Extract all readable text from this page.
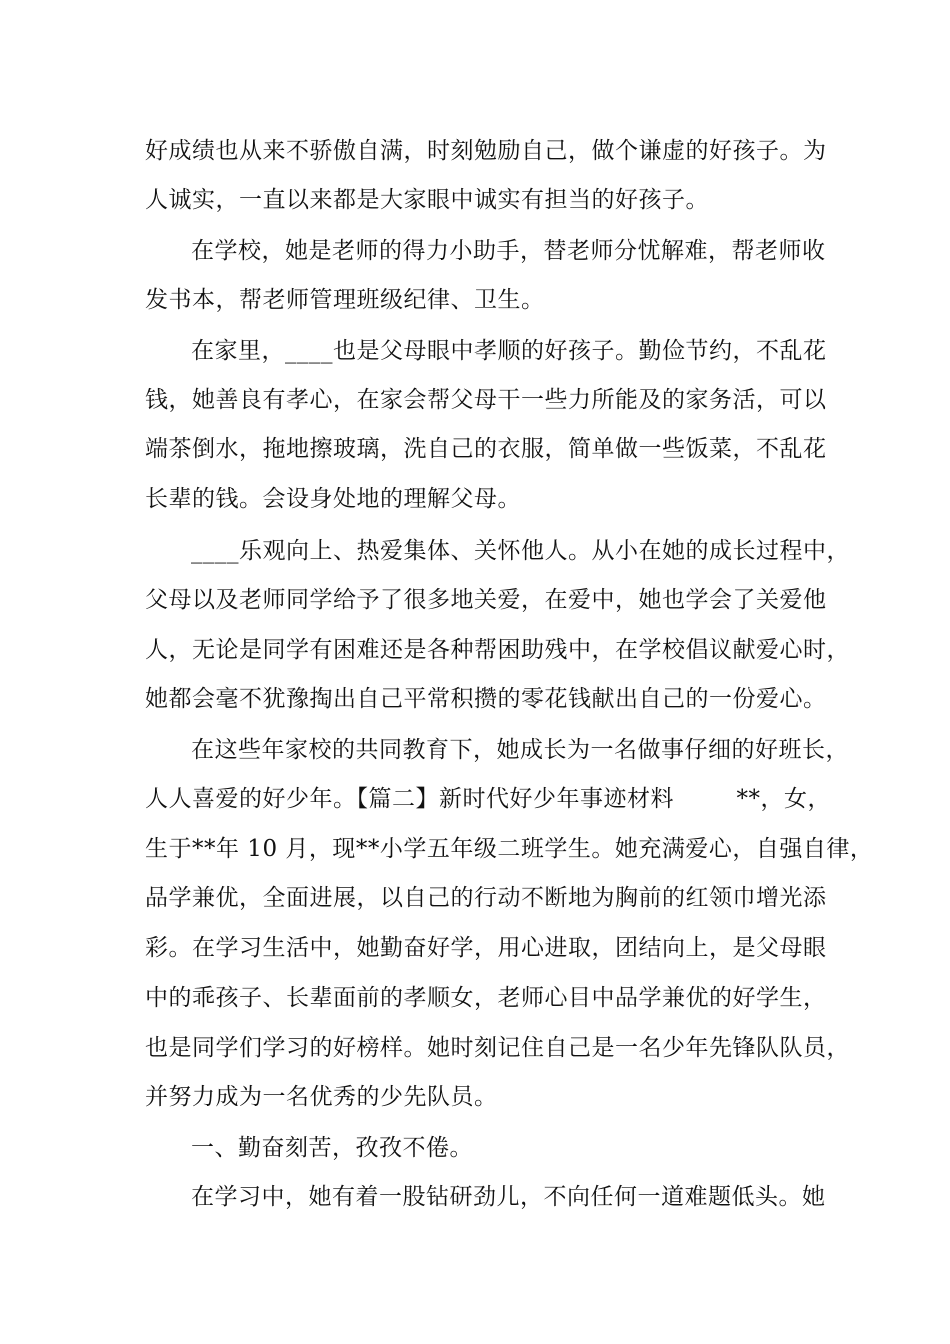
好成绩也从来不骄傲自满，时刻勉励自己，做个谦虚的好孩子。为
人诚实，一直以来都是大家眼中诚实有担当的好孩子。
在学校，她是老师的得力小助手，替老师分忧解难，帮老师收
发书本，帮老师管理班级纪律、卫生。
在家里，____也是父母眼中孝顺的好孩子。勤俭节约，不乱花
钱，她善良有孝心，在家会帮父母干一些力所能及的家务活，可以
端茶倒水，拖地擦玻璃，洗自己的衣服，简单做一些饭菜，不乱花
长辈的钱。会设身处地的理解父母。
____乐观向上、热爱集体、关怀他人。从小在她的成长过程中，
父母以及老师同学给予了很多地关爱，在爱中，她也学会了关爱他
人，无论是同学有困难还是各种帮困助残中，在学校倡议献爱心时，
她都会毫不犹豫掏出自己平常积攒的零花钱献出自己的一份爱心。
在这些年家校的共同教育下，她成长为一名做事仔细的好班长，
人人喜爱的好少年。【篇二】新时代好少年事迹材料        **，女，
生于**年 10 月，现**小学五年级二班学生。她充满爱心，自强自律，
品学兼优，全面进展，以自己的行动不断地为胸前的红领巾增光添
彩。在学习生活中，她勤奋好学，用心进取，团结向上，是父母眼
中的乖孩子、长辈面前的孝顺女，老师心目中品学兼优的好学生，
也是同学们学习的好榜样。她时刻记住自己是一名少年先锋队队员，
并努力成为一名优秀的少先队员。
一、勤奋刻苦，孜孜不倦。
在学习中，她有着一股钻研劲儿，不向任何一道难题低头。她
